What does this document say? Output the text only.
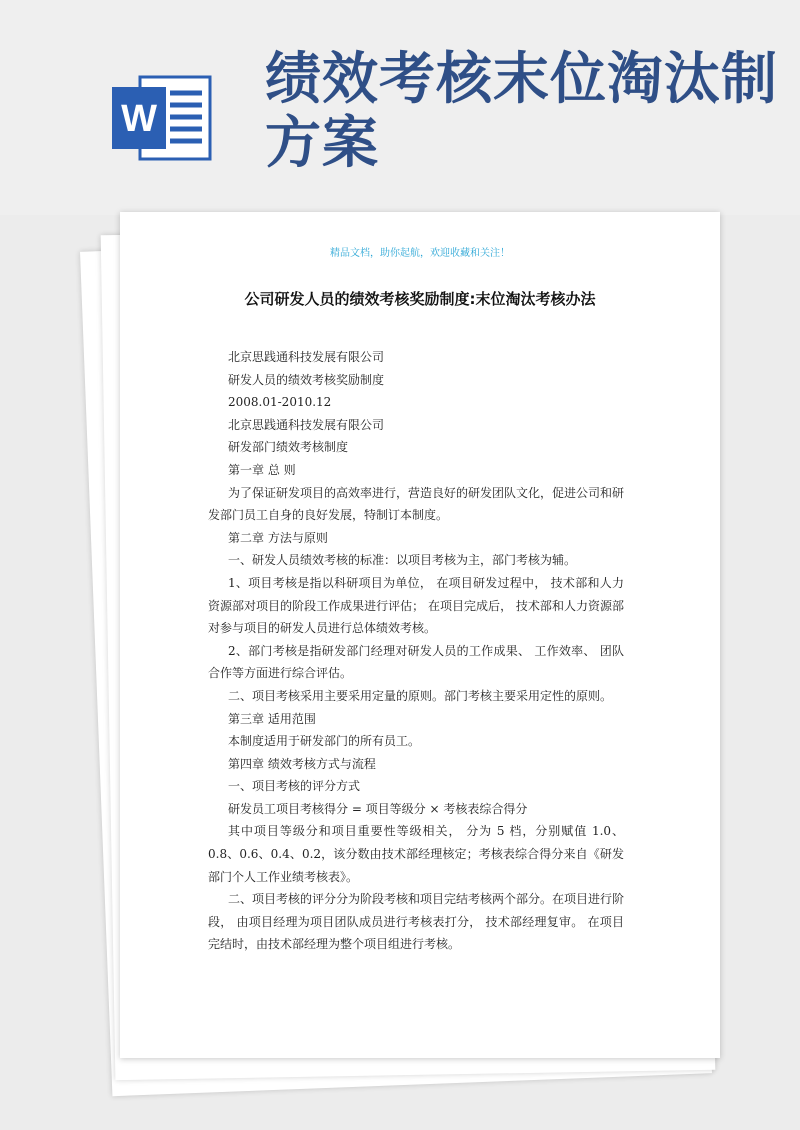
W
绩效考核末位淘汰制方案

精品文档，助你起航，欢迎收藏和关注！

公司研发人员的绩效考核奖励制度:末位淘汰考核办法
北京思践通科技发展有限公司
研发人员的绩效考核奖励制度
2008.01-2010.12
北京思践通科技发展有限公司
研发部门绩效考核制度
第一章 总 则
为了保证研发项目的高效率进行，营造良好的研发团队文化，促进公司和研发部门员工自身的良好发展，特制订本制度。
第二章 方法与原则
一、研发人员绩效考核的标准：以项目考核为主，部门考核为辅。
1、项目考核是指以科研项目为单位， 在项目研发过程中， 技术部和人力资源部对项目的阶段工作成果进行评估； 在项目完成后， 技术部和人力资源部对参与项目的研发人员进行总体绩效考核。
2、部门考核是指研发部门经理对研发人员的工作成果、 工作效率、 团队合作等方面进行综合评估。
二、项目考核采用主要采用定量的原则。部门考核主要采用定性的原则。
第三章 适用范围
本制度适用于研发部门的所有员工。
第四章 绩效考核方式与流程
一、项目考核的评分方式
研发员工项目考核得分 = 项目等级分 × 考核表综合得分
其中项目等级分和项目重要性等级相关， 分为 5 档，分别赋值 1.0、0.8、0.6、0.4、0.2，该分数由技术部经理核定；考核表综合得分来自《研发部门个人工作业绩考核表》。
二、项目考核的评分分为阶段考核和项目完结考核两个部分。在项目进行阶段， 由项目经理为项目团队成员进行考核表打分， 技术部经理复审。 在项目完结时，由技术部经理为整个项目组进行考核。
